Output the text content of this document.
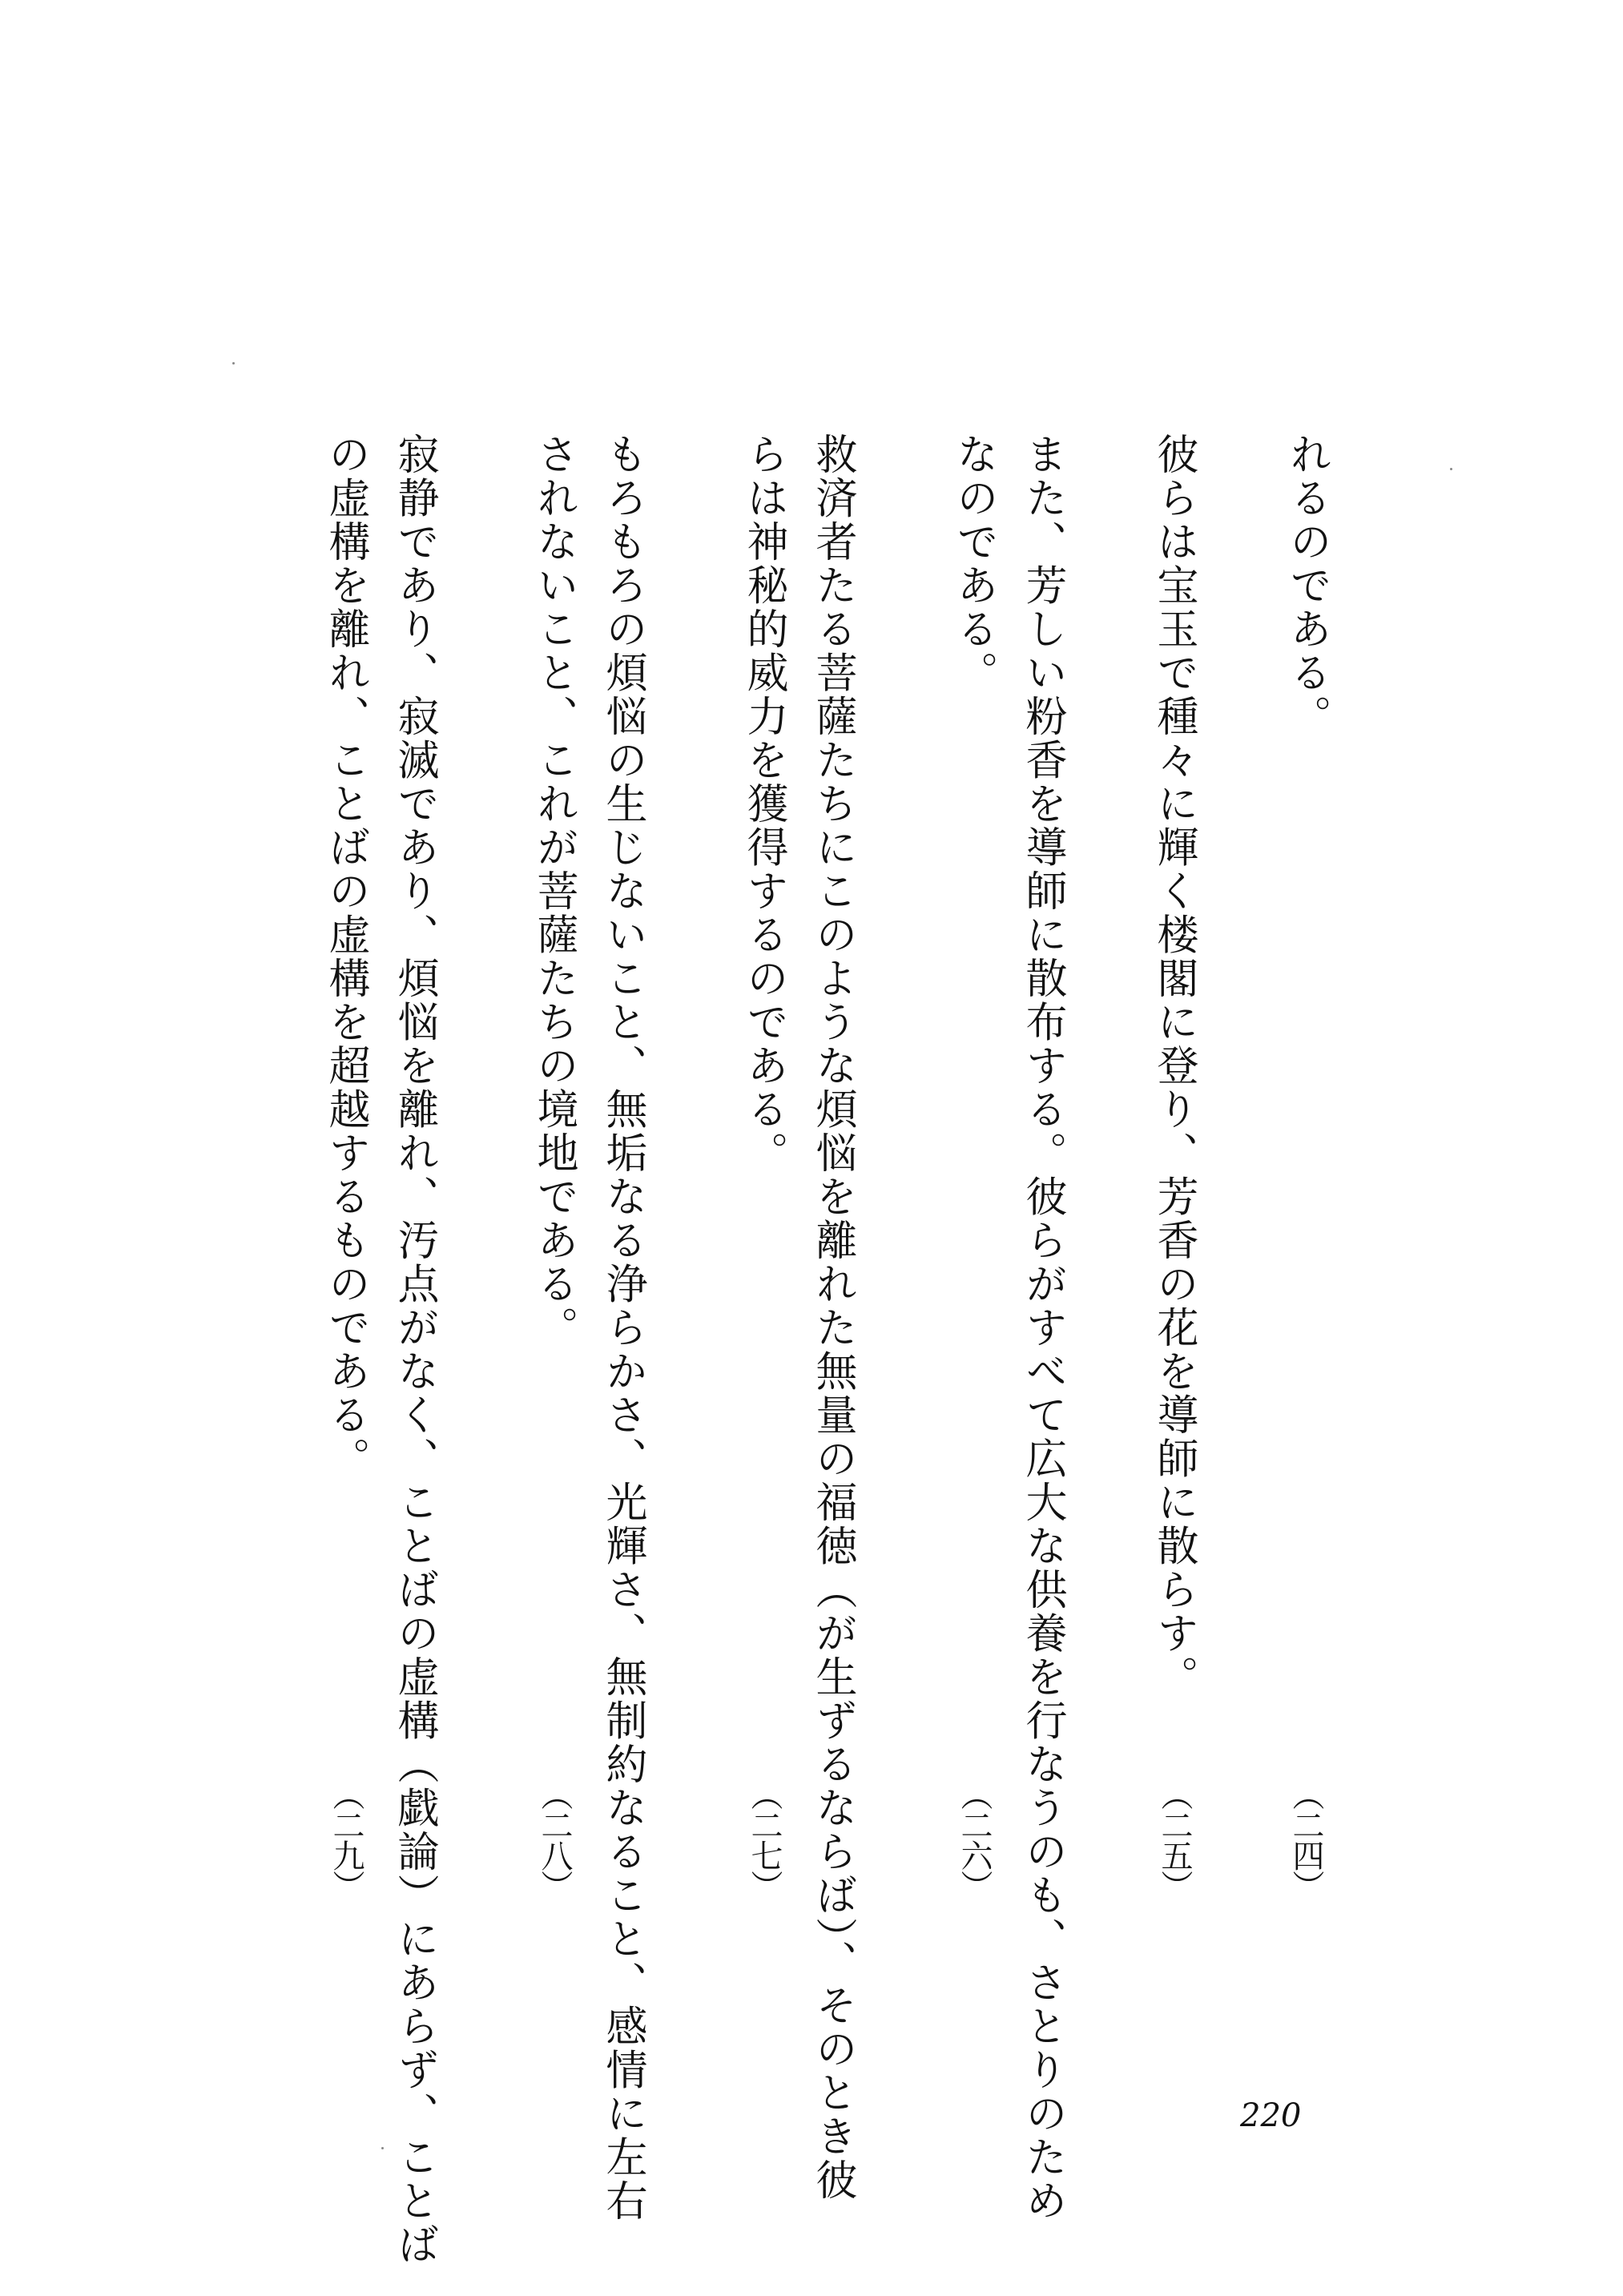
れるのである。
彼らは宝玉で種々に輝く楼閣に登り、芳香の花を導師に散らす。
また、芳しい粉香を導師に散布する。彼らがすべて広大な供養を行なうのも、さとりのため
なのである。
救済者たる菩薩たちにこのような煩悩を離れた無量の福徳（が生ずるならば）、そのとき彼
らは神秘的威力を獲得するのである。
もろもろの煩悩の生じないこと、無垢なる浄らかさ、光輝さ、無制約なること、感情に左右
されないこと、これが菩薩たちの境地である。
寂静であり、寂滅であり、煩悩を離れ、汚点がなく、ことばの虚構（戯論）にあらず、ことば
の虚構を離れ、ことばの虚構を超越するものである。
（二四）
（二五）
（二六）
（二七）
（二八）
（二九）
220
